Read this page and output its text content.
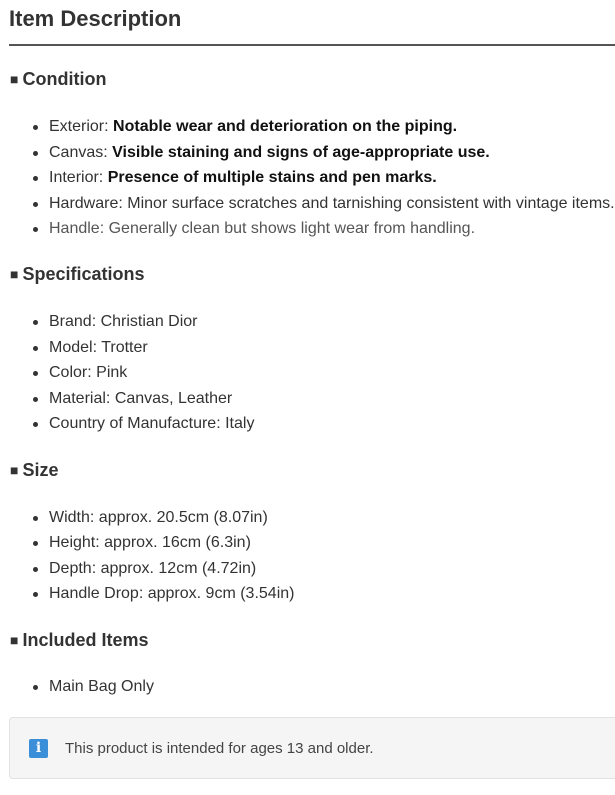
Item Description
■ Condition
Exterior: Notable wear and deterioration on the piping.
Canvas: Visible staining and signs of age-appropriate use.
Interior: Presence of multiple stains and pen marks.
Hardware: Minor surface scratches and tarnishing consistent with vintage items.
Handle: Generally clean but shows light wear from handling.
■ Specifications
Brand: Christian Dior
Model: Trotter
Color: Pink
Material: Canvas, Leather
Country of Manufacture: Italy
■ Size
Width: approx. 20.5cm (8.07in)
Height: approx. 16cm (6.3in)
Depth: approx. 12cm (4.72in)
Handle Drop: approx. 9cm (3.54in)
■ Included Items
Main Bag Only
i	This product is intended for ages 13 and older.
